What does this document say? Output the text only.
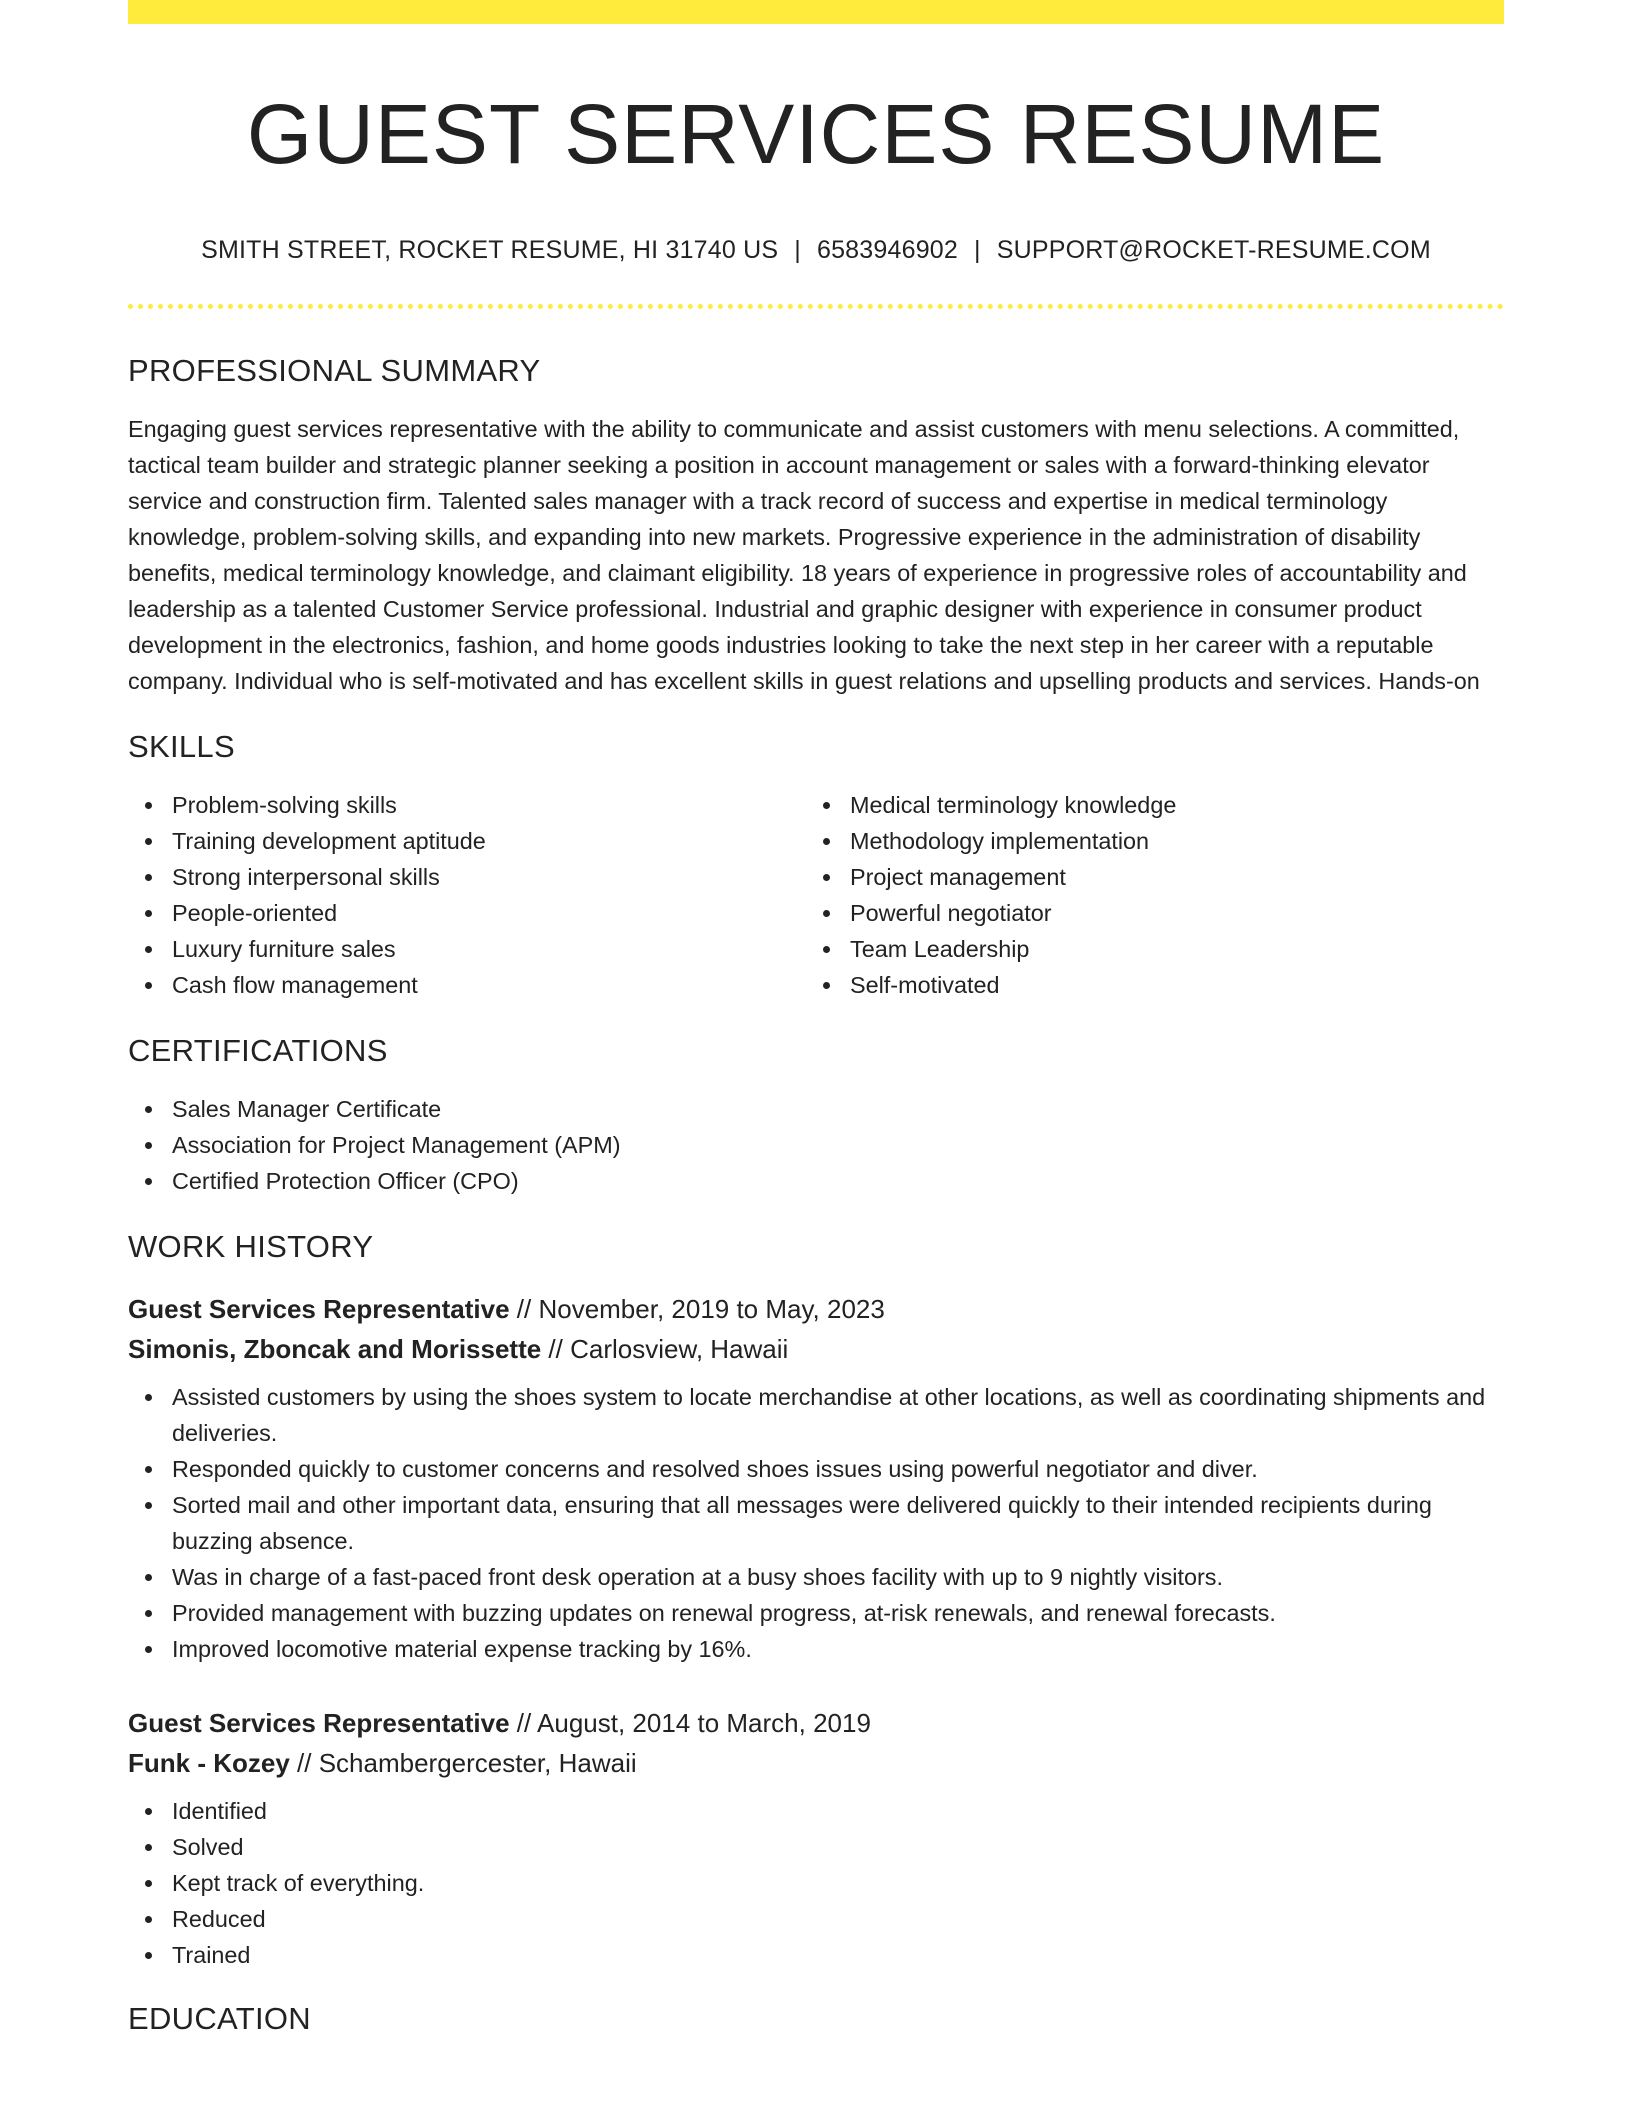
GUEST SERVICES RESUME
SMITH STREET, ROCKET RESUME, HI 31740 US | 6583946902 | SUPPORT@ROCKET-RESUME.COM
PROFESSIONAL SUMMARY

Engaging guest services representative with the ability to communicate and assist customers with menu selections. A committed, tactical team builder and strategic planner seeking a position in account management or sales with a forward-thinking elevator service and construction firm. Talented sales manager with a track record of success and expertise in medical terminology knowledge, problem-solving skills, and expanding into new markets. Progressive experience in the administration of disability benefits, medical terminology knowledge, and claimant eligibility. 18 years of experience in progressive roles of accountability and leadership as a talented Customer Service professional. Industrial and graphic designer with experience in consumer product development in the electronics, fashion, and home goods industries looking to take the next step in her career with a reputable company. Individual who is self-motivated and has excellent skills in guest relations and upselling products and services. Hands-on

SKILLS
Problem-solving skills
Training development aptitude
Strong interpersonal skills
People-oriented
Luxury furniture sales
Cash flow management
Medical terminology knowledge
Methodology implementation
Project management
Powerful negotiator
Team Leadership
Self-motivated
CERTIFICATIONS
Sales Manager Certificate
Association for Project Management (APM)
Certified Protection Officer (CPO)
WORK HISTORY
Guest Services Representative // November, 2019 to May, 2023
Simonis, Zboncak and Morissette // Carlosview, Hawaii
Assisted customers by using the shoes system to locate merchandise at other locations, as well as coordinating shipments and deliveries.
Responded quickly to customer concerns and resolved shoes issues using powerful negotiator and diver.
Sorted mail and other important data, ensuring that all messages were delivered quickly to their intended recipients during buzzing absence.
Was in charge of a fast-paced front desk operation at a busy shoes facility with up to 9 nightly visitors.
Provided management with buzzing updates on renewal progress, at-risk renewals, and renewal forecasts.
Improved locomotive material expense tracking by 16%.
Guest Services Representative // August, 2014 to March, 2019
Funk - Kozey // Schambergercester, Hawaii
Identified
Solved
Kept track of everything.
Reduced
Trained
EDUCATION
